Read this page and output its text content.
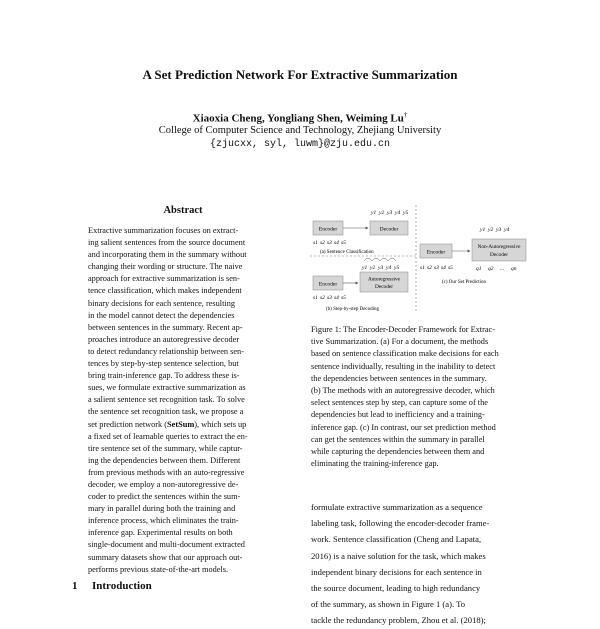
A Set Prediction Network For Extractive Summarization
Xiaoxia Cheng, Yongliang Shen, Weiming Lu†
College of Computer Science and Technology, Zhejiang University
{zjucxx, syl, luwm}@zju.edu.cn
Abstract
Extractive summarization focuses on extract-
ing salient sentences from the source document
and incorporating them in the summary without
changing their wording or structure. The naive
approach for extractive summarization is sen-
tence classification, which makes independent
binary decisions for each sentence, resulting
in the model cannot detect the dependencies
between sentences in the summary. Recent ap-
proaches introduce an autoregressive decoder
to detect redundancy relationship between sen-
tences by step-by-step sentence selection, but
bring train-inference gap. To address these is-
sues, we formulate extractive summarization as
a salient sentence set recognition task. To solve
the sentence set recognition task, we propose a
set prediction network (SetSum), which sets up
a fixed set of learnable queries to extract the en-
tire sentence set of the summary, while captur-
ing the dependencies between them. Different
from previous methods with an auto-regressive
decoder, we employ a non-autoregressive de-
coder to predict the sentences within the sum-
mary in parallel during both the training and
inference process, which eliminates the train-
inference gap. Experimental results on both
single-document and multi-document extracted
summary datasets show that our approach out-
performs previous state-of-the-art models.
1 Introduction
Encoder	Decoder
y1 y2 y3 y4 y5
s1 s2 s3 s4 s5
(a) Sentence Classification
y1 y2 y3 y4 y5
Encoder
Autoregressive
Decoder
s1 s2 s3 s4 s5
(b) Step-by-step Decoding
Encoder
Non-Autoregressive
Decoder
y1 y2 y3 y4
s1 s2 s3 s4 s5	q1 q2 ... qn
(c) Our Set Prediction
Figure 1: The Encoder-Decoder Framework for Extrac-
tive Summarization. (a) For a document, the methods
based on sentence classification make decisions for each
sentence individually, resulting in the inability to detect
the dependencies between sentences in the summary.
(b) The methods with an autoregressive decoder, which
select sentences step by step, can capture some of the
dependencies but lead to inefficiency and a training-
inference gap. (c) In contrast, our set prediction method
can get the sentences within the summary in parallel
while capturing the dependencies between them and
eliminating the training-inference gap.
formulate extractive summarization as a sequence
labeling task, following the encoder-decoder frame-
work. Sentence classification (Cheng and Lapata,
2016) is a naive solution for the task, which makes
independent binary decisions for each sentence in
the source document, leading to high redundancy
of the summary, as shown in Figure 1 (a). To
tackle the redundancy problem, Zhou et al. (2018);
